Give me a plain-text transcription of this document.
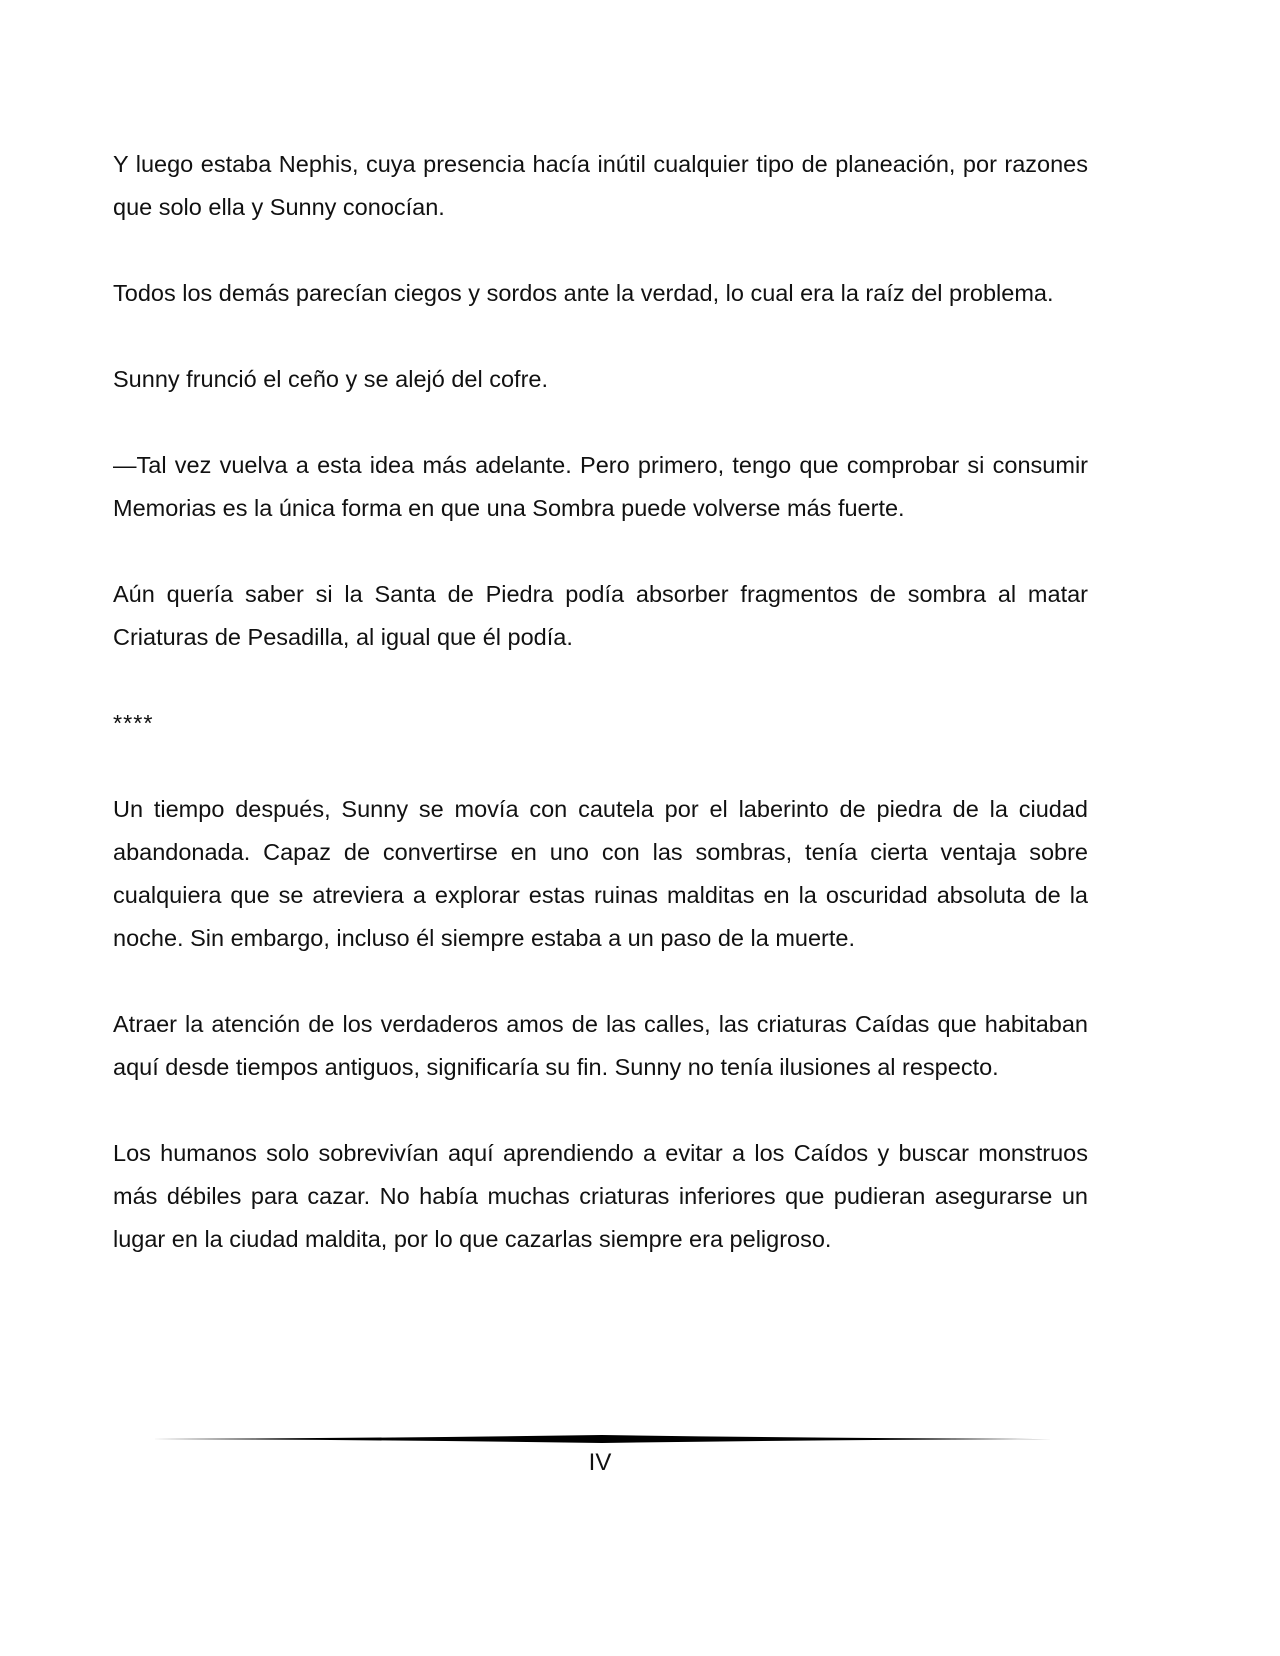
Y luego estaba Nephis, cuya presencia hacía inútil cualquier tipo de planeación, por razones que solo ella y Sunny conocían.

Todos los demás parecían ciegos y sordos ante la verdad, lo cual era la raíz del problema.

Sunny frunció el ceño y se alejó del cofre.

—Tal vez vuelva a esta idea más adelante. Pero primero, tengo que comprobar si consumir Memorias es la única forma en que una Sombra puede volverse más fuerte.

Aún quería saber si la Santa de Piedra podía absorber fragmentos de sombra al matar Criaturas de Pesadilla, al igual que él podía.

****

Un tiempo después, Sunny se movía con cautela por el laberinto de piedra de la ciudad abandonada. Capaz de convertirse en uno con las sombras, tenía cierta ventaja sobre cualquiera que se atreviera a explorar estas ruinas malditas en la oscuridad absoluta de la noche. Sin embargo, incluso él siempre estaba a un paso de la muerte.

Atraer la atención de los verdaderos amos de las calles, las criaturas Caídas que habitaban aquí desde tiempos antiguos, significaría su fin. Sunny no tenía ilusiones al respecto.

Los humanos solo sobrevivían aquí aprendiendo a evitar a los Caídos y buscar monstruos más débiles para cazar. No había muchas criaturas inferiores que pudieran asegurarse un lugar en la ciudad maldita, por lo que cazarlas siempre era peligroso.

IV
